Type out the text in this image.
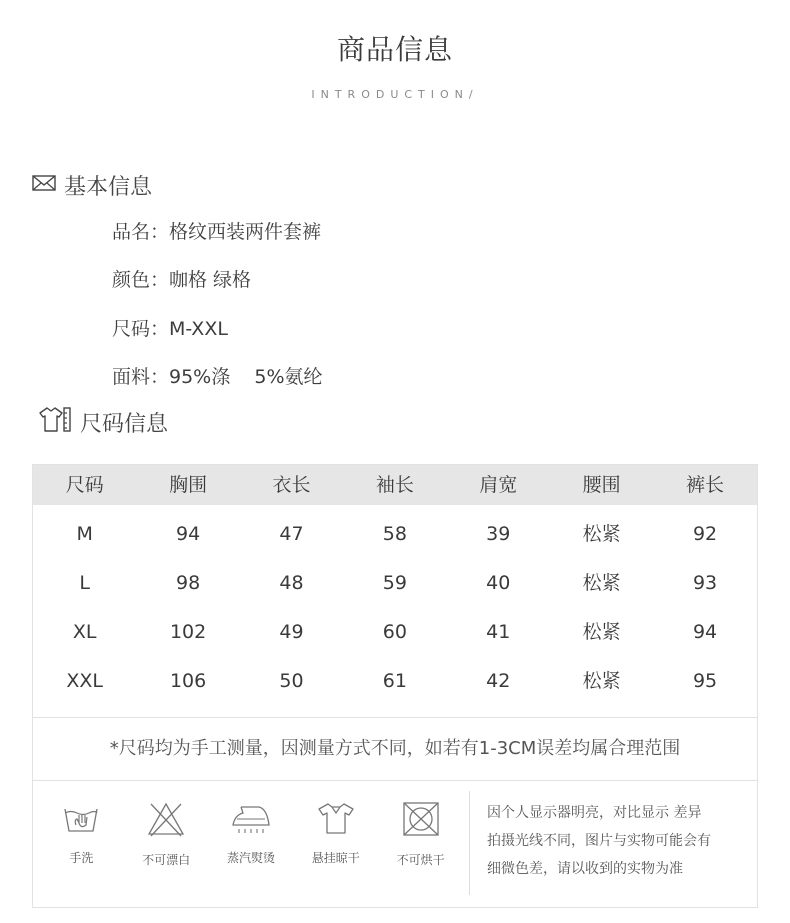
商品信息
INTRODUCTION/
基本信息
品名：格纹西装两件套裤
颜色：咖格 绿格
尺码：M-XXL
面料：95%涤    5%氨纶
尺码信息
尺码	胸围	衣长	袖长	肩宽	腰围	裤长
M	94	47	58	39	松紧	92
L	98	48	59	40	松紧	93
XL	102	49	60	41	松紧	94
XXL	106	50	61	42	松紧	95
*尺码均为手工测量，因测量方式不同，如若有1-3CM误差均属合理范围
手洗	不可漂白	蒸汽熨烫	悬挂晾干	不可烘干
因个人显示器明亮，对比显示 差异
拍摄光线不同，图片与实物可能会有
细微色差，请以收到的实物为准
